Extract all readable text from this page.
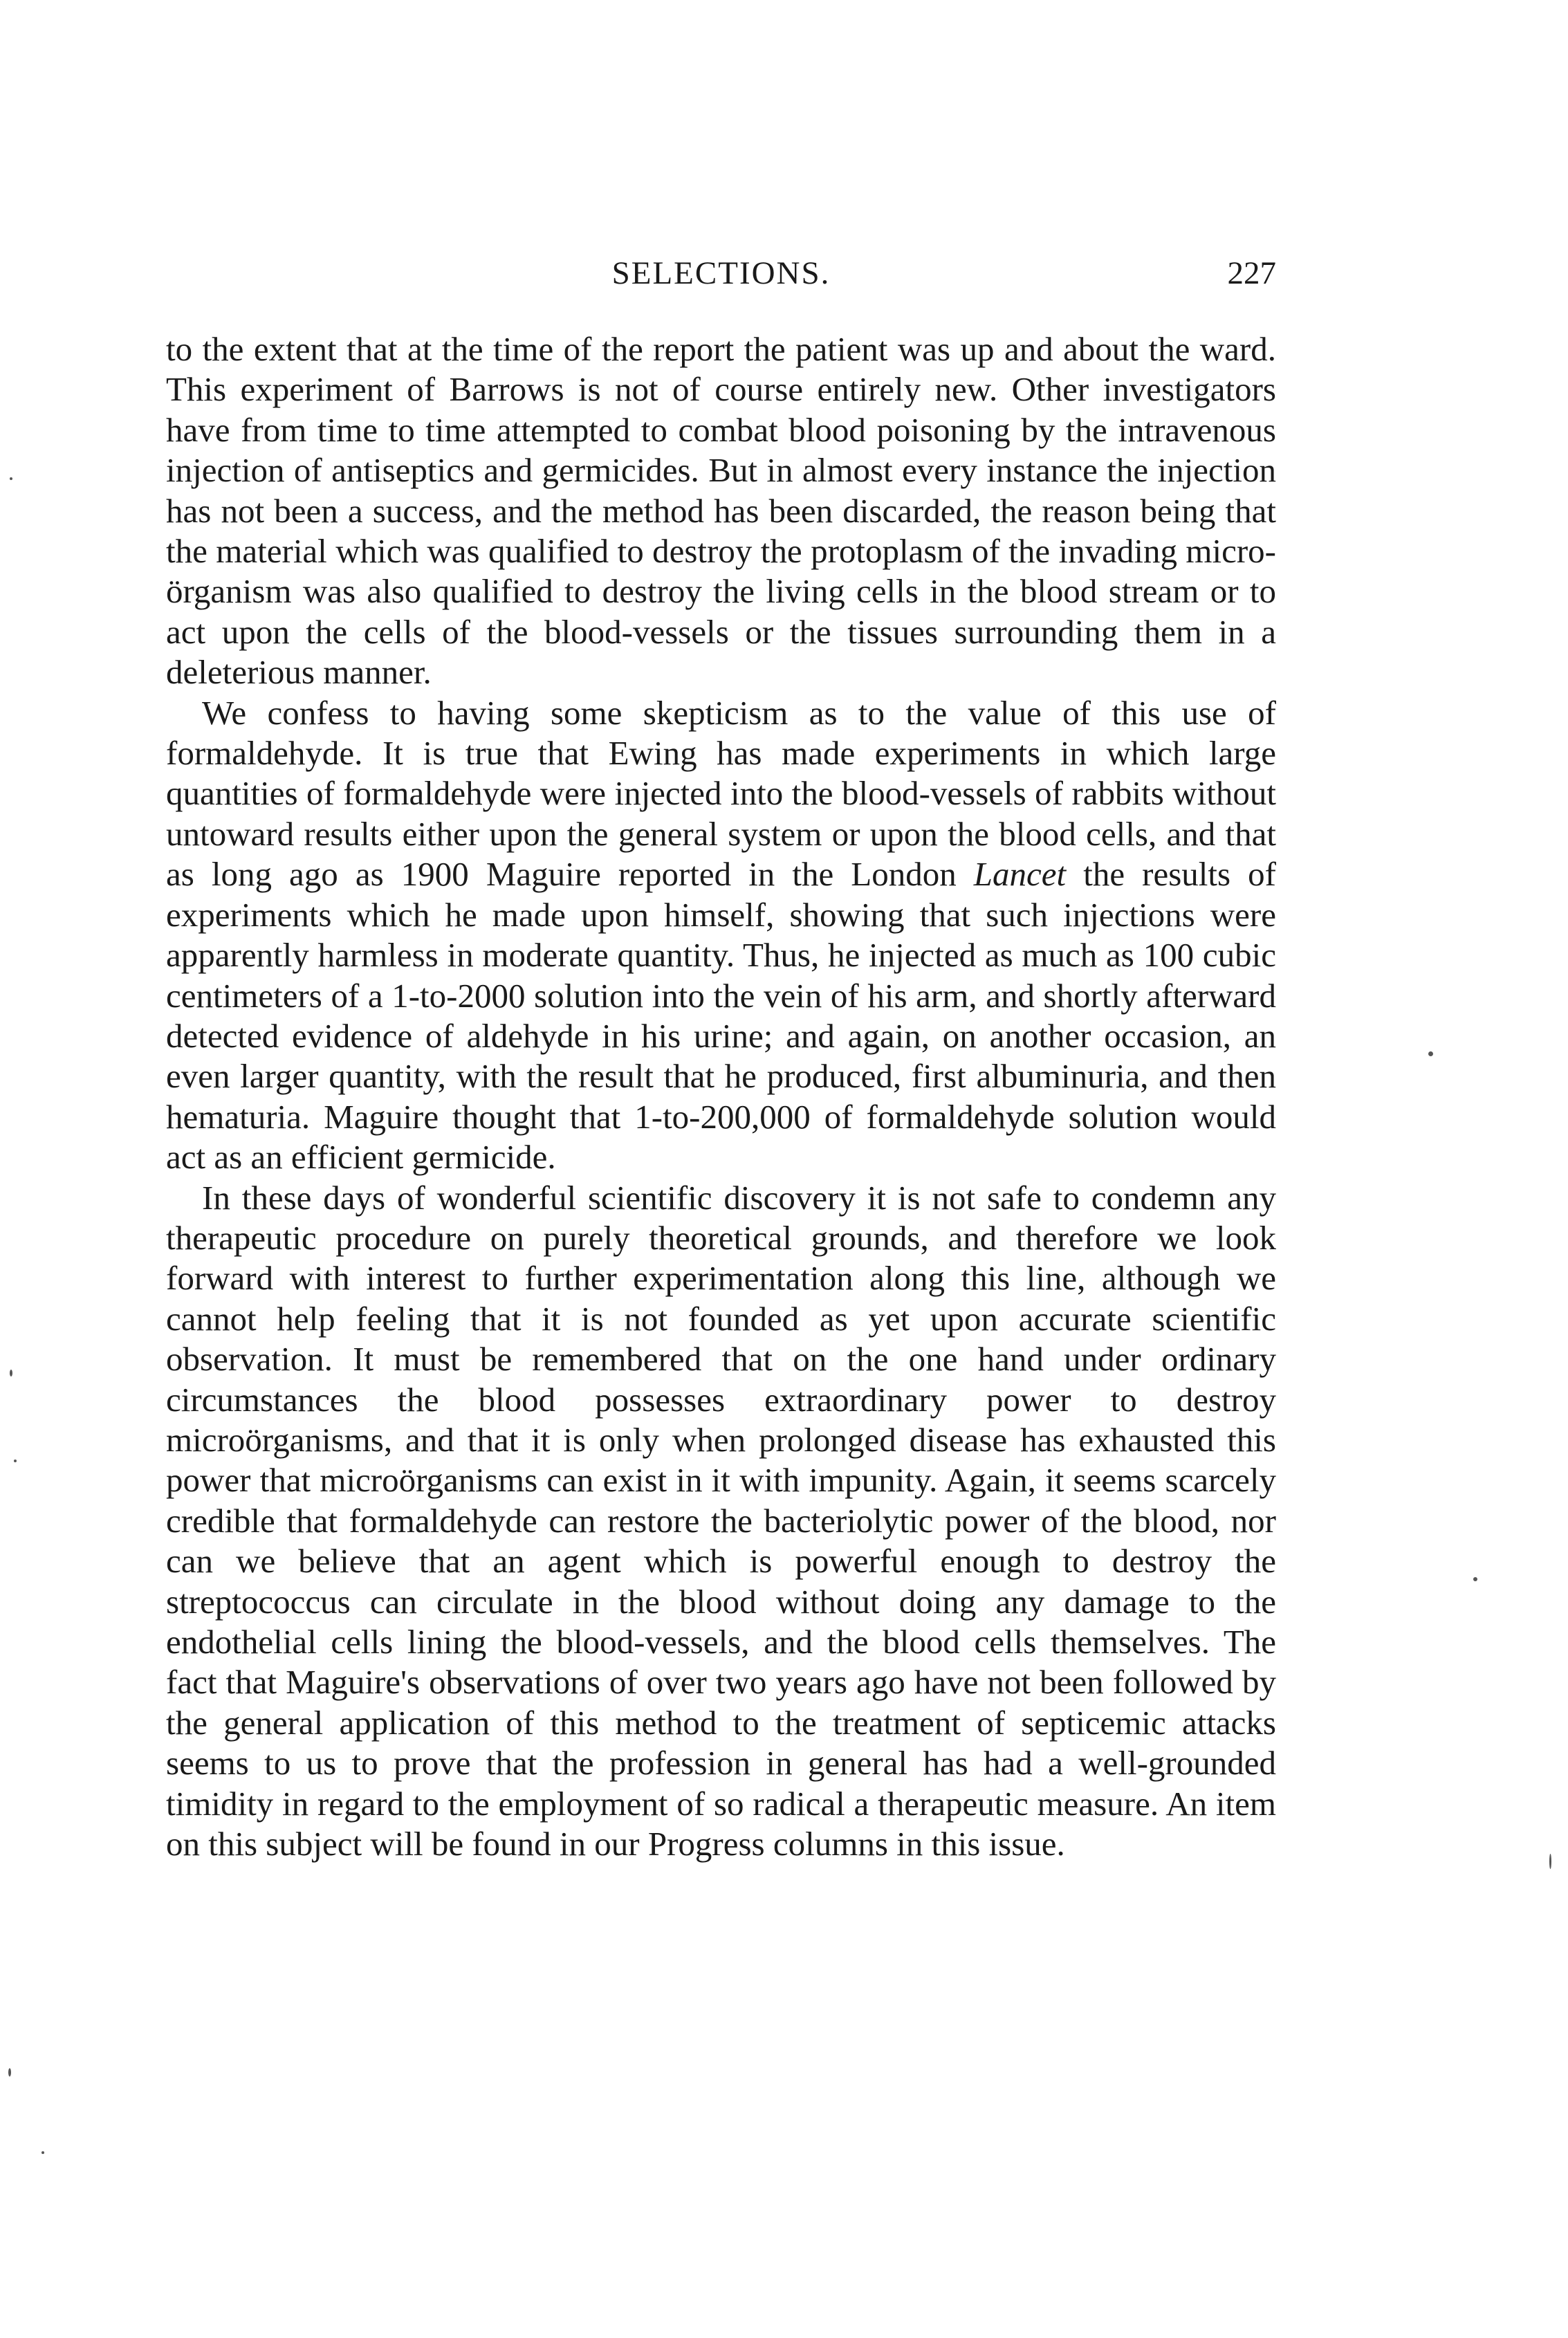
SELECTIONS.	227

to the extent that at the time of the report the patient was up and about the ward. This experiment of Barrows is not of course entirely new. Other investigators have from time to time attempted to combat blood poisoning by the intravenous injection of antiseptics and germicides. But in almost every instance the injection has not been a success, and the method has been discarded, the reason being that the material which was qualified to destroy the protoplasm of the invading micro-örganism was also qualified to destroy the living cells in the blood stream or to act upon the cells of the blood-vessels or the tissues surrounding them in a deleterious manner.

We confess to having some skepticism as to the value of this use of formaldehyde. It is true that Ewing has made experiments in which large quantities of formaldehyde were injected into the blood-vessels of rabbits without untoward results either upon the general system or upon the blood cells, and that as long ago as 1900 Maguire reported in the London Lancet the results of experiments which he made upon himself, showing that such injections were apparently harmless in moderate quantity. Thus, he injected as much as 100 cubic centimeters of a 1-to-2000 solution into the vein of his arm, and shortly afterward detected evidence of aldehyde in his urine; and again, on another occasion, an even larger quantity, with the result that he produced, first albuminuria, and then hematuria. Maguire thought that 1-to-200,000 of formaldehyde solution would act as an efficient germicide.

In these days of wonderful scientific discovery it is not safe to condemn any therapeutic procedure on purely theoretical grounds, and therefore we look forward with interest to further experimentation along this line, although we cannot help feeling that it is not founded as yet upon accurate scientific observation. It must be remembered that on the one hand under ordinary circumstances the blood possesses extraordinary power to destroy microörganisms, and that it is only when prolonged disease has exhausted this power that microörganisms can exist in it with impunity. Again, it seems scarcely credible that formaldehyde can restore the bacteriolytic power of the blood, nor can we believe that an agent which is powerful enough to destroy the streptococcus can circulate in the blood without doing any damage to the endothelial cells lining the blood-vessels, and the blood cells themselves. The fact that Maguire's observations of over two years ago have not been followed by the general application of this method to the treatment of septicemic attacks seems to us to prove that the profession in general has had a well-grounded timidity in regard to the employment of so radical a therapeutic measure. An item on this subject will be found in our Progress columns in this issue.
